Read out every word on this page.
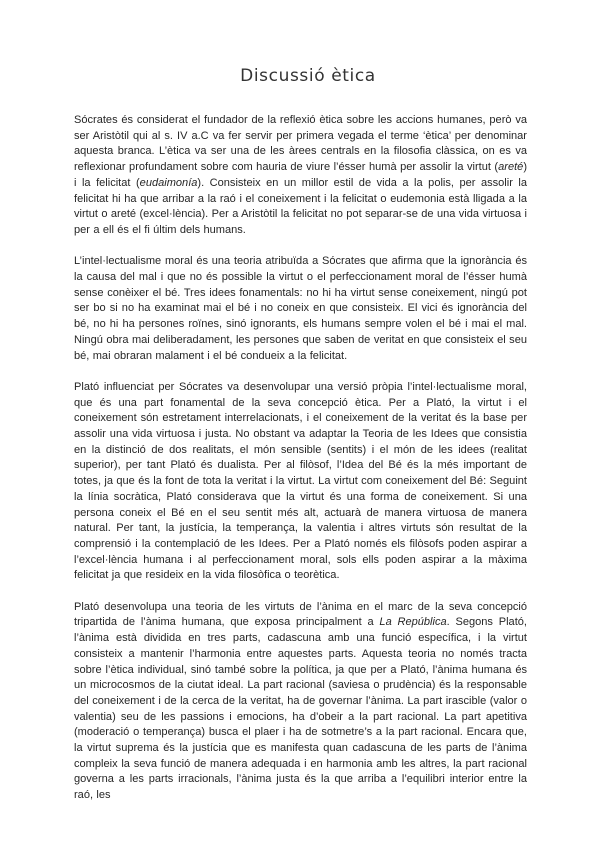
Discussió ètica

Sócrates és considerat el fundador de la reflexió ètica sobre les accions humanes, però va ser Aristòtil qui al s. IV a.C va fer servir per primera vegada el terme ‘ètica’ per denominar aquesta branca. L’ètica va ser una de les àrees centrals en la filosofia clàssica, on es va reflexionar profundament sobre com hauria de viure l’ésser humà per assolir la virtut (areté) i la felicitat (eudaimonía). Consisteix en un millor estil de vida a la polis, per assolir la felicitat hi ha que arribar a la raó i el coneixement i la felicitat o eudemonia està lligada a la virtut o areté (excel·lència). Per a Aristòtil la felicitat no pot separar-se de una vida virtuosa i per a ell és el fi últim dels humans.

L’intel·lectualisme moral és una teoria atribuïda a Sócrates que afirma que la ignorància és la causa del mal i que no és possible la virtut o el perfeccionament moral de l’ésser humà sense conèixer el bé. Tres idees fonamentals: no hi ha virtut sense coneixement, ningú pot ser bo si no ha examinat mai el bé i no coneix en que consisteix. El vici és ignorància del bé, no hi ha persones roïnes, sinó ignorants, els humans sempre volen el bé i mai el mal. Ningú obra mai deliberadament, les persones que saben de veritat en que consisteix el seu bé, mai obraran malament i el bé condueix a la felicitat.

Plató influenciat per Sócrates va desenvolupar una versió pròpia l’intel·lectualisme moral, que és una part fonamental de la seva concepció ètica. Per a Plató, la virtut i el coneixement són estretament interrelacionats, i el coneixement de la veritat és la base per assolir una vida virtuosa i justa. No obstant va adaptar la Teoria de les Idees que consistia en la distinció de dos realitats, el món sensible (sentits) i el món de les idees (realitat superior), per tant Plató és dualista. Per al filòsof, l’Idea del Bé és la més important de totes, ja que és la font de tota la veritat i la virtut. La virtut com coneixement del Bé: Seguint la línia socràtica, Plató considerava que la virtut és una forma de coneixement. Si una persona coneix el Bé en el seu sentit més alt, actuarà de manera virtuosa de manera natural. Per tant, la justícia, la temperança, la valentia i altres virtuts són resultat de la comprensió i la contemplació de les Idees. Per a Plató només els filòsofs poden aspirar a l’excel·lència humana i al perfeccionament moral, sols ells poden aspirar a la màxima felicitat ja que resideix en la vida filosòfica o teorètica.

Plató desenvolupa una teoria de les virtuts de l’ànima en el marc de la seva concepció tripartida de l’ànima humana, que exposa principalment a La República. Segons Plató, l’ànima està dividida en tres parts, cadascuna amb una funció específica, i la virtut consisteix a mantenir l’harmonia entre aquestes parts. Aquesta teoria no només tracta sobre l’ètica individual, sinó també sobre la política, ja que per a Plató, l’ànima humana és un microcosmos de la ciutat ideal. La part racional (saviesa o prudència) és la responsable del coneixement i de la cerca de la veritat, ha de governar l’ànima. La part irascible (valor o valentia) seu de les passions i emocions, ha d’obeir a la part racional. La part apetitiva (moderació o temperança) busca el plaer i ha de sotmetre’s a la part racional. Encara que, la virtut suprema és la justícia que es manifesta quan cadascuna de les parts de l’ànima compleix la seva funció de manera adequada i en harmonia amb les altres, la part racional governa a les parts irracionals, l’ànima justa és la que arriba a l’equilibri interior entre la raó, les
